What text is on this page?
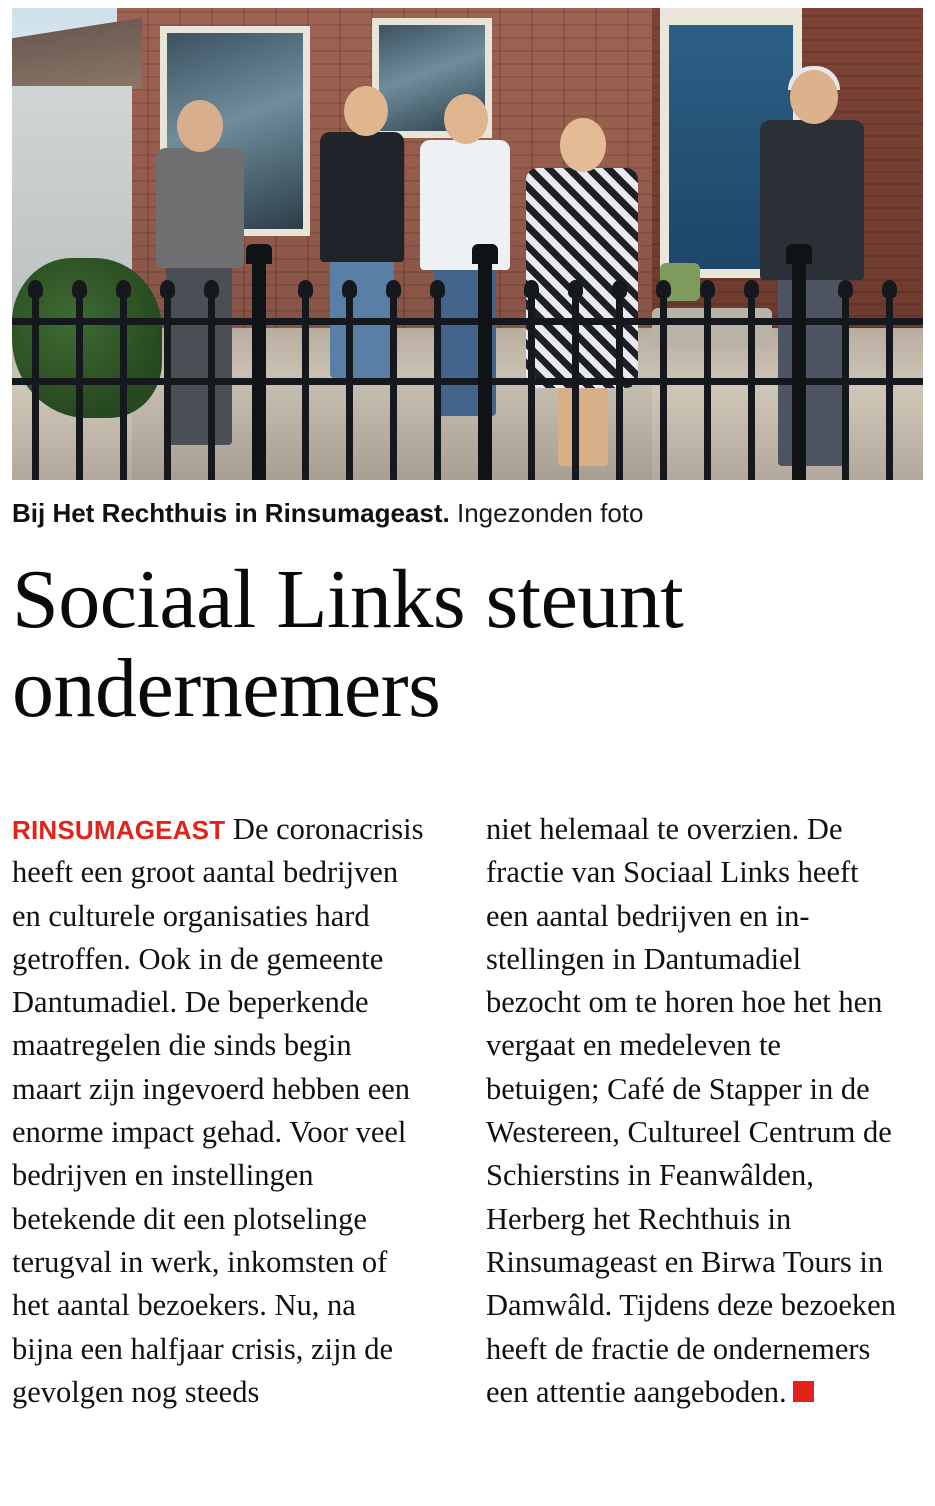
Bij Het Rechthuis in Rinsumageast. Ingezonden foto
Sociaal Links steunt ondernemers

RINSUMAGEAST De coronacrisis heeft een groot aantal bedrijven en culturele organisaties hard getroffen. Ook in de gemeente Dantumadiel. De beperkende maatregelen die sinds begin maart zijn ingevoerd hebben een enorme impact gehad. Voor veel bedrijven en instellingen betekende dit een plotselinge terugval in werk, inkomsten of het aantal bezoekers. Nu, na bijna een halfjaar crisis, zijn de gevolgen nog steeds

niet helemaal te overzien. De fractie van Sociaal Links heeft een aantal bedrijven en instellingen in Dantumadiel bezocht om te horen hoe het hen vergaat en medeleven te betuigen; Café de Stapper in de Westereen, Cultureel Centrum de Schierstins in Feanwâlden, Herberg het Rechthuis in Rinsumageast en Birwa Tours in Damwâld. Tijdens deze bezoeken heeft de fractie de ondernemers een attentie aangeboden.
